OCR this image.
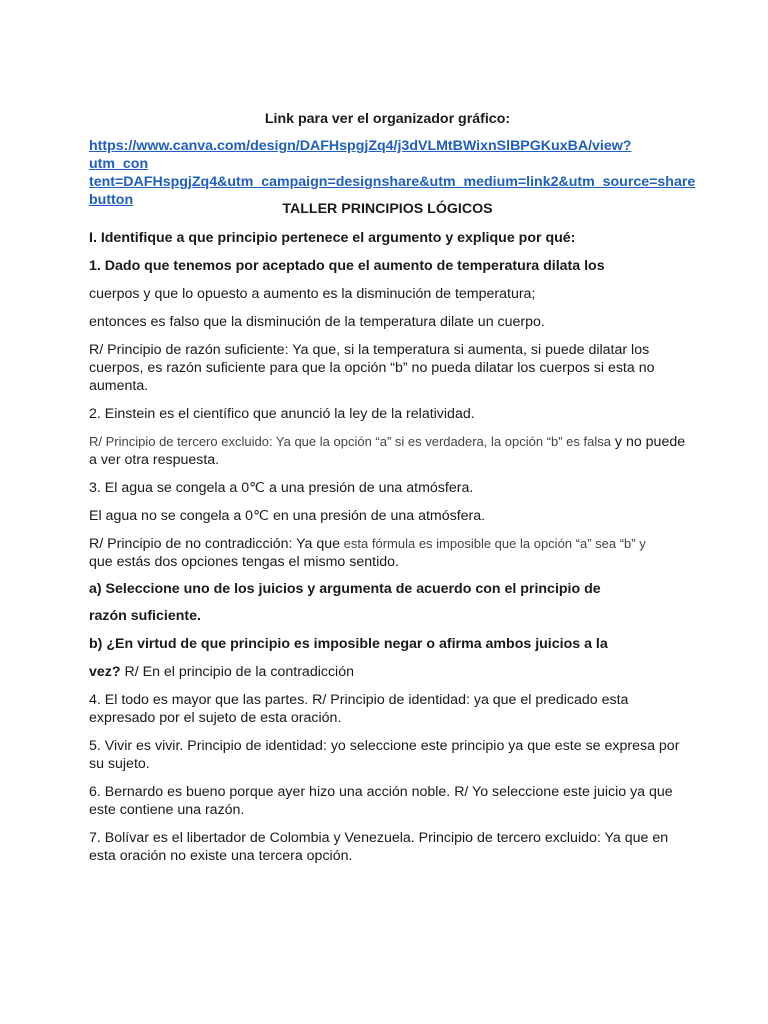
Link para ver el organizador gráfico:

https://www.canva.com/design/DAFHspgjZq4/j3dVLMtBWixnSlBPGKuxBA/view?utm_con
tent=DAFHspgjZq4&utm_campaign=designshare&utm_medium=link2&utm_source=share
button

TALLER PRINCIPIOS LÓGICOS

I. Identifique a que principio pertenece el argumento y explique por qué:

1. Dado que tenemos por aceptado que el aumento de temperatura dilata los

cuerpos y que lo opuesto a aumento es la disminución de temperatura;

entonces es falso que la disminución de la temperatura dilate un cuerpo.

R/ Principio de razón suficiente: Ya que, si la temperatura si aumenta, si puede dilatar los cuerpos, es razón suficiente para que la opción “b” no pueda dilatar los cuerpos si esta no aumenta.

2. Einstein es el científico que anunció la ley de la relatividad.

R/ Principio de tercero excluido: Ya que la opción “a” si es verdadera, la opción “b” es falsa y no puede a ver otra respuesta.

3. El agua se congela a 0℃ a una presión de una atmósfera.

El agua no se congela a 0℃ en una presión de una atmósfera.

R/ Principio de no contradicción: Ya que esta fórmula es imposible que la opción “a” sea “b” y
que estás dos opciones tengas el mismo sentido.

a) Seleccione uno de los juicios y argumenta de acuerdo con el principio de

razón suficiente.

b) ¿En virtud de que principio es imposible negar o afirma ambos juicios a la

vez? R/ En el principio de la contradicción

4. El todo es mayor que las partes. R/ Principio de identidad: ya que el predicado esta expresado por el sujeto de esta oración.

5. Vivir es vivir. Principio de identidad: yo seleccione este principio ya que este se expresa por su sujeto.

6. Bernardo es bueno porque ayer hizo una acción noble. R/ Yo seleccione este juicio ya que este contiene una razón.

7. Bolívar es el libertador de Colombia y Venezuela. Principio de tercero excluido: Ya que en esta oración no existe una tercera opción.
